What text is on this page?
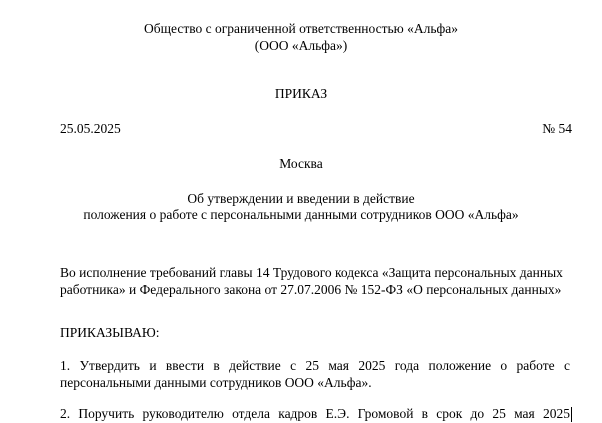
Общество с ограниченной ответственностью «Альфа»
(ООО «Альфа»)
ПРИКАЗ
25.05.2025	№ 54
Москва
Об утверждении и введении в действие
положения о работе с персональными данными сотрудников ООО «Альфа»
Во исполнение требований главы 14 Трудового кодекса «Защита персональных данных
работника» и Федерального закона от 27.07.2006 № 152-ФЗ «О персональных данных»
ПРИКАЗЫВАЮ:
1. Утвердить и ввести в действие с 25 мая 2025 года положение о работе с
персональными данными сотрудников ООО «Альфа».
2. Поручить руководителю отдела кадров Е.Э. Громовой в срок до 25 мая 2025
